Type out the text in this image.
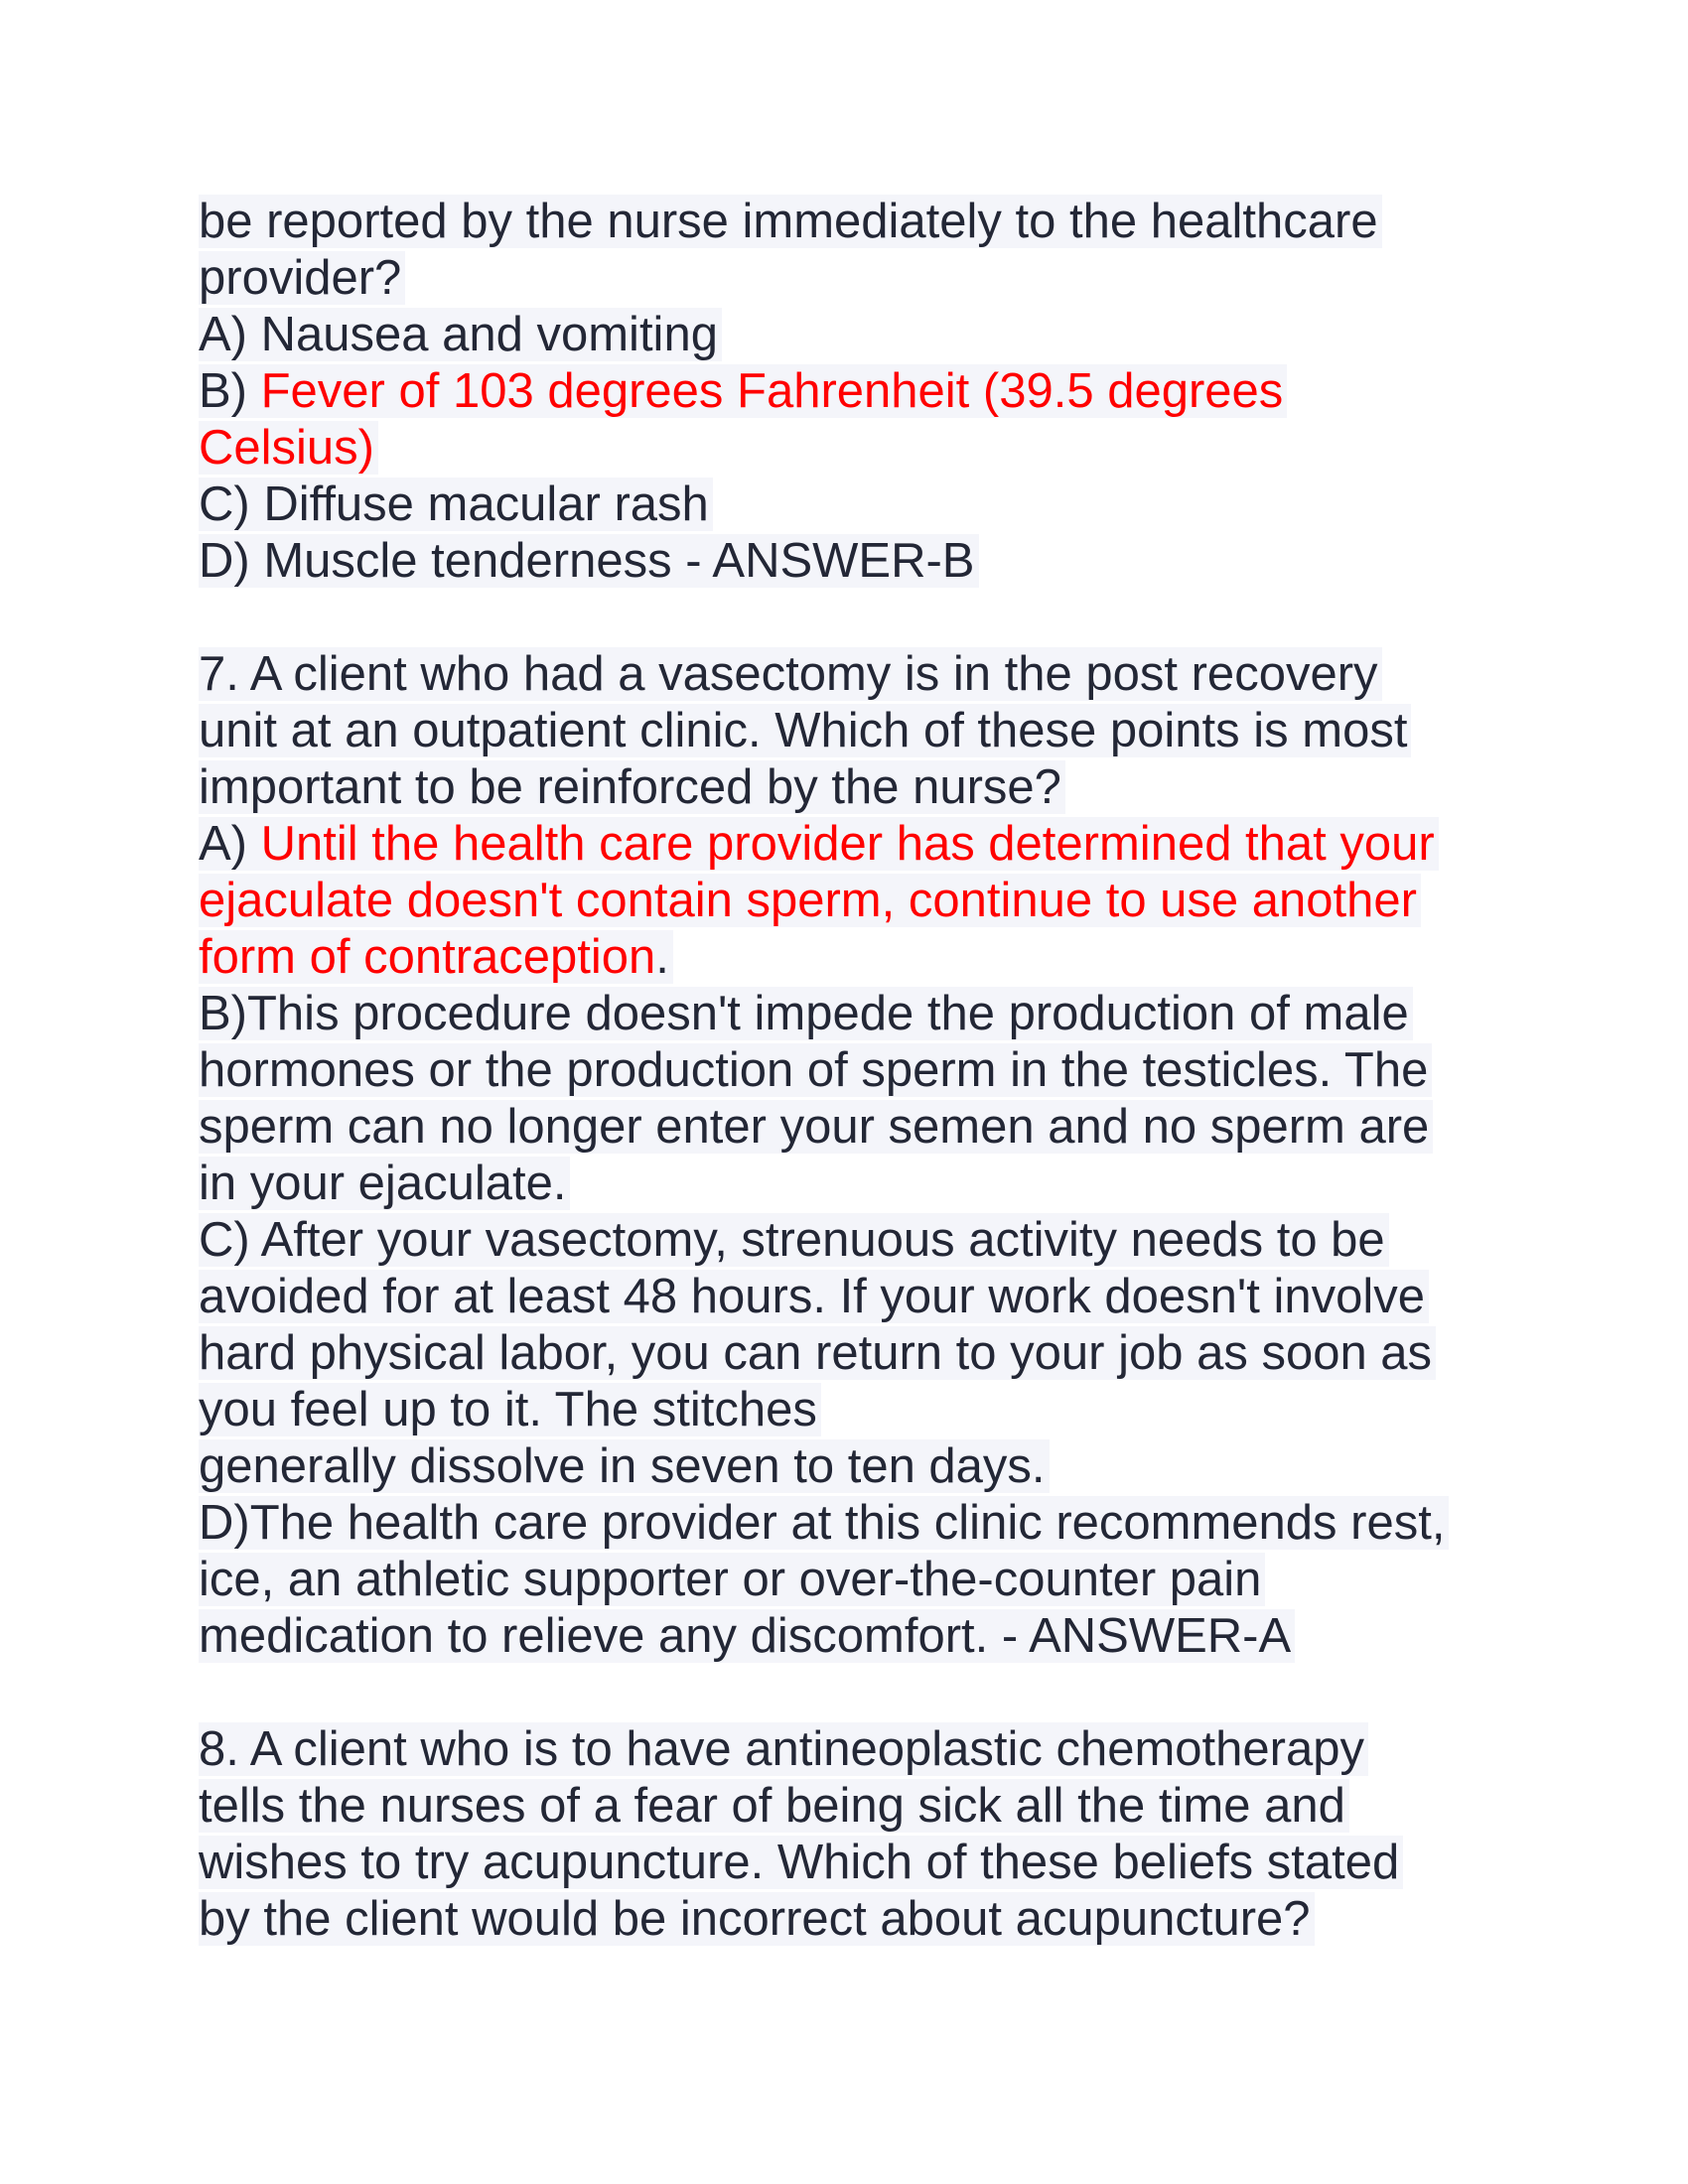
be reported by the nurse immediately to the healthcare
provider?
A) Nausea and vomiting
B) Fever of 103 degrees Fahrenheit (39.5 degrees
Celsius)
C) Diffuse macular rash
D) Muscle tenderness - ANSWER-B
7. A client who had a vasectomy is in the post recovery
unit at an outpatient clinic. Which of these points is most
important to be reinforced by the nurse?
A) Until the health care provider has determined that your
ejaculate doesn't contain sperm, continue to use another
form of contraception.
B)This procedure doesn't impede the production of male
hormones or the production of sperm in the testicles. The
sperm can no longer enter your semen and no sperm are
in your ejaculate.
C) After your vasectomy, strenuous activity needs to be
avoided for at least 48 hours. If your work doesn't involve
hard physical labor, you can return to your job as soon as
you feel up to it. The stitches
generally dissolve in seven to ten days.
D)The health care provider at this clinic recommends rest,
ice, an athletic supporter or over-the-counter pain
medication to relieve any discomfort. - ANSWER-A
8. A client who is to have antineoplastic chemotherapy
tells the nurses of a fear of being sick all the time and
wishes to try acupuncture. Which of these beliefs stated
by the client would be incorrect about acupuncture?
